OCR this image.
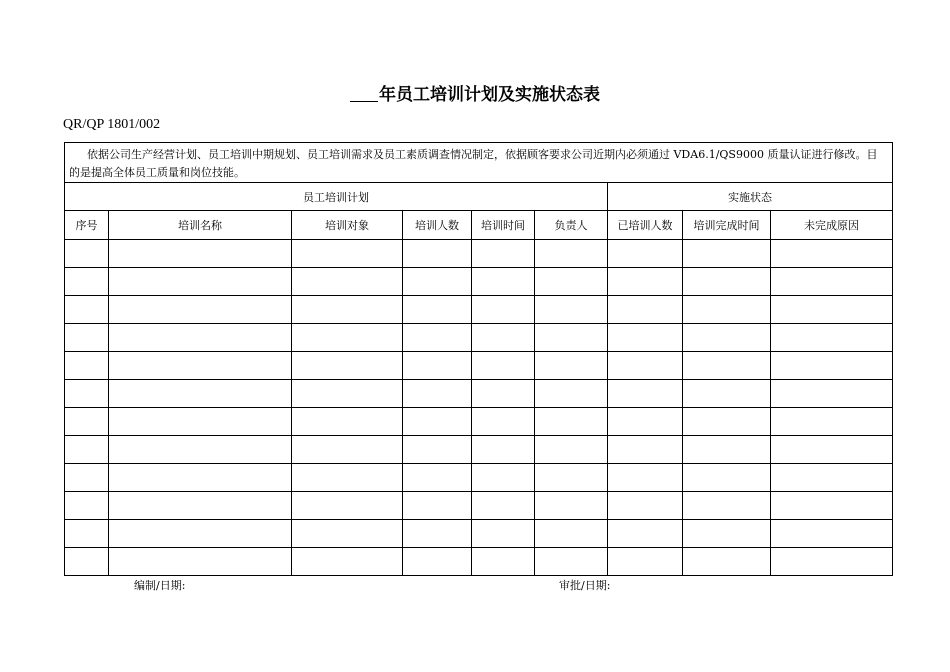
年员工培训计划及实施状态表
QR/QP 1801/002
依据公司生产经营计划、员工培训中期规划、员工培训需求及员工素质调查情况制定，依据顾客要求公司近期内必须通过 VDA6.1/QS9000 质量认证进行修改。目的是提高全体员工质量和岗位技能。								
员工培训计划						实施状态		
序号	培训名称	培训对象	培训人数	培训时间	负责人	已培训人数	培训完成时间	未完成原因

编制/日期:	审批/日期:
